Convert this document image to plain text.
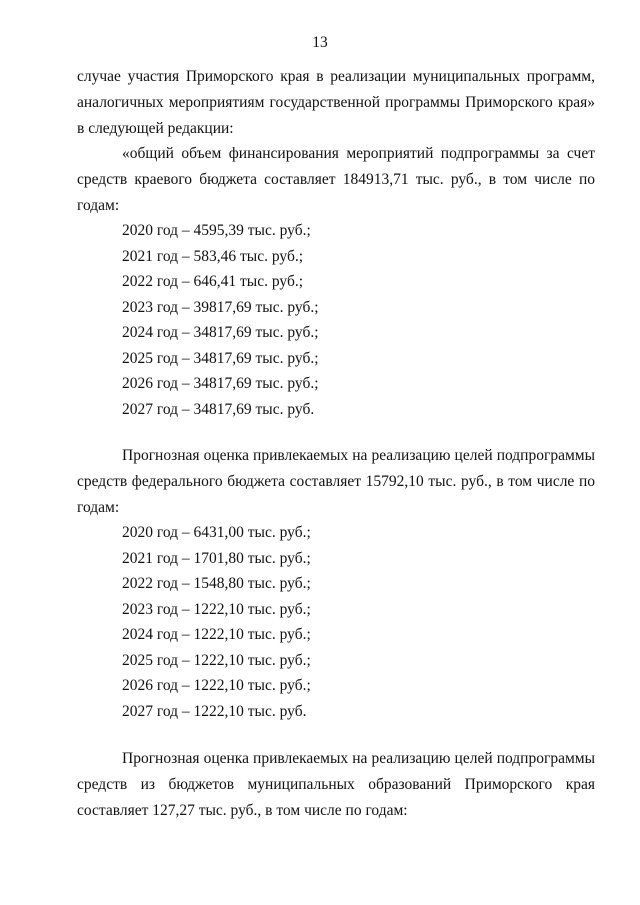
13

случае участия Приморского края в реализации муниципальных программ, аналогичных мероприятиям государственной программы Приморского края» в следующей редакции:

«общий объем финансирования мероприятий подпрограммы за счет средств краевого бюджета составляет 184913,71 тыс. руб., в том числе по годам:

2020 год – 4595,39 тыс. руб.;
2021 год – 583,46 тыс. руб.;
2022 год – 646,41 тыс. руб.;
2023 год – 39817,69 тыс. руб.;
2024 год – 34817,69 тыс. руб.;
2025 год – 34817,69 тыс. руб.;
2026 год – 34817,69 тыс. руб.;
2027 год – 34817,69 тыс. руб.

Прогнозная оценка привлекаемых на реализацию целей подпрограммы средств федерального бюджета составляет 15792,10 тыс. руб., в том числе по годам:

2020 год – 6431,00 тыс. руб.;
2021 год – 1701,80 тыс. руб.;
2022 год – 1548,80 тыс. руб.;
2023 год – 1222,10 тыс. руб.;
2024 год – 1222,10 тыс. руб.;
2025 год – 1222,10 тыс. руб.;
2026 год – 1222,10 тыс. руб.;
2027 год – 1222,10 тыс. руб.

Прогнозная оценка привлекаемых на реализацию целей подпрограммы средств из бюджетов муниципальных образований Приморского края составляет 127,27 тыс. руб., в том числе по годам:
